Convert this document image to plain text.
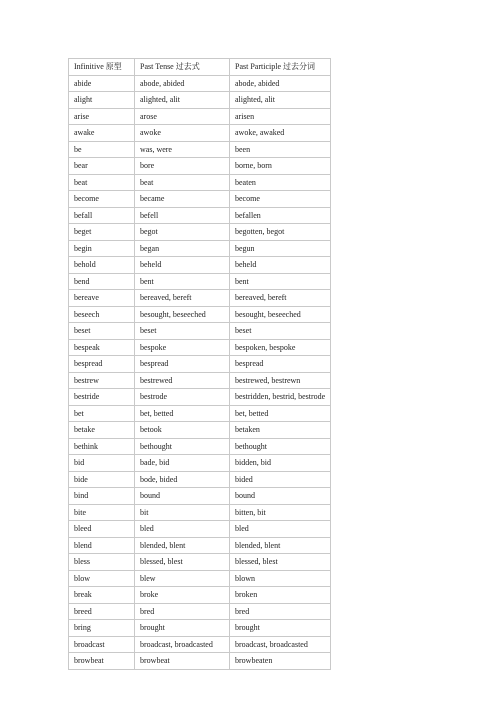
Infinitive 原型	Past Tense 过去式	Past Participle 过去分词
abide	abode, abided	abode, abided
alight	alighted, alit	alighted, alit
arise	arose	arisen
awake	awoke	awoke, awaked
be	was, were	been
bear	bore	borne, born
beat	beat	beaten
become	became	become
befall	befell	befallen
beget	begot	begotten, begot
begin	began	begun
behold	beheld	beheld
bend	bent	bent
bereave	bereaved, bereft	bereaved, bereft
beseech	besought, beseeched	besought, beseeched
beset	beset	beset
bespeak	bespoke	bespoken, bespoke
bespread	bespread	bespread
bestrew	bestrewed	bestrewed, bestrewn
bestride	bestrode	bestridden, bestrid, bestrode
bet	bet, betted	bet, betted
betake	betook	betaken
bethink	bethought	bethought
bid	bade, bid	bidden, bid
bide	bode, bided	bided
bind	bound	bound
bite	bit	bitten, bit
bleed	bled	bled
blend	blended, blent	blended, blent
bless	blessed, blest	blessed, blest
blow	blew	blown
break	broke	broken
breed	bred	bred
bring	brought	brought
broadcast	broadcast, broadcasted	broadcast, broadcasted
browbeat	browbeat	browbeaten
